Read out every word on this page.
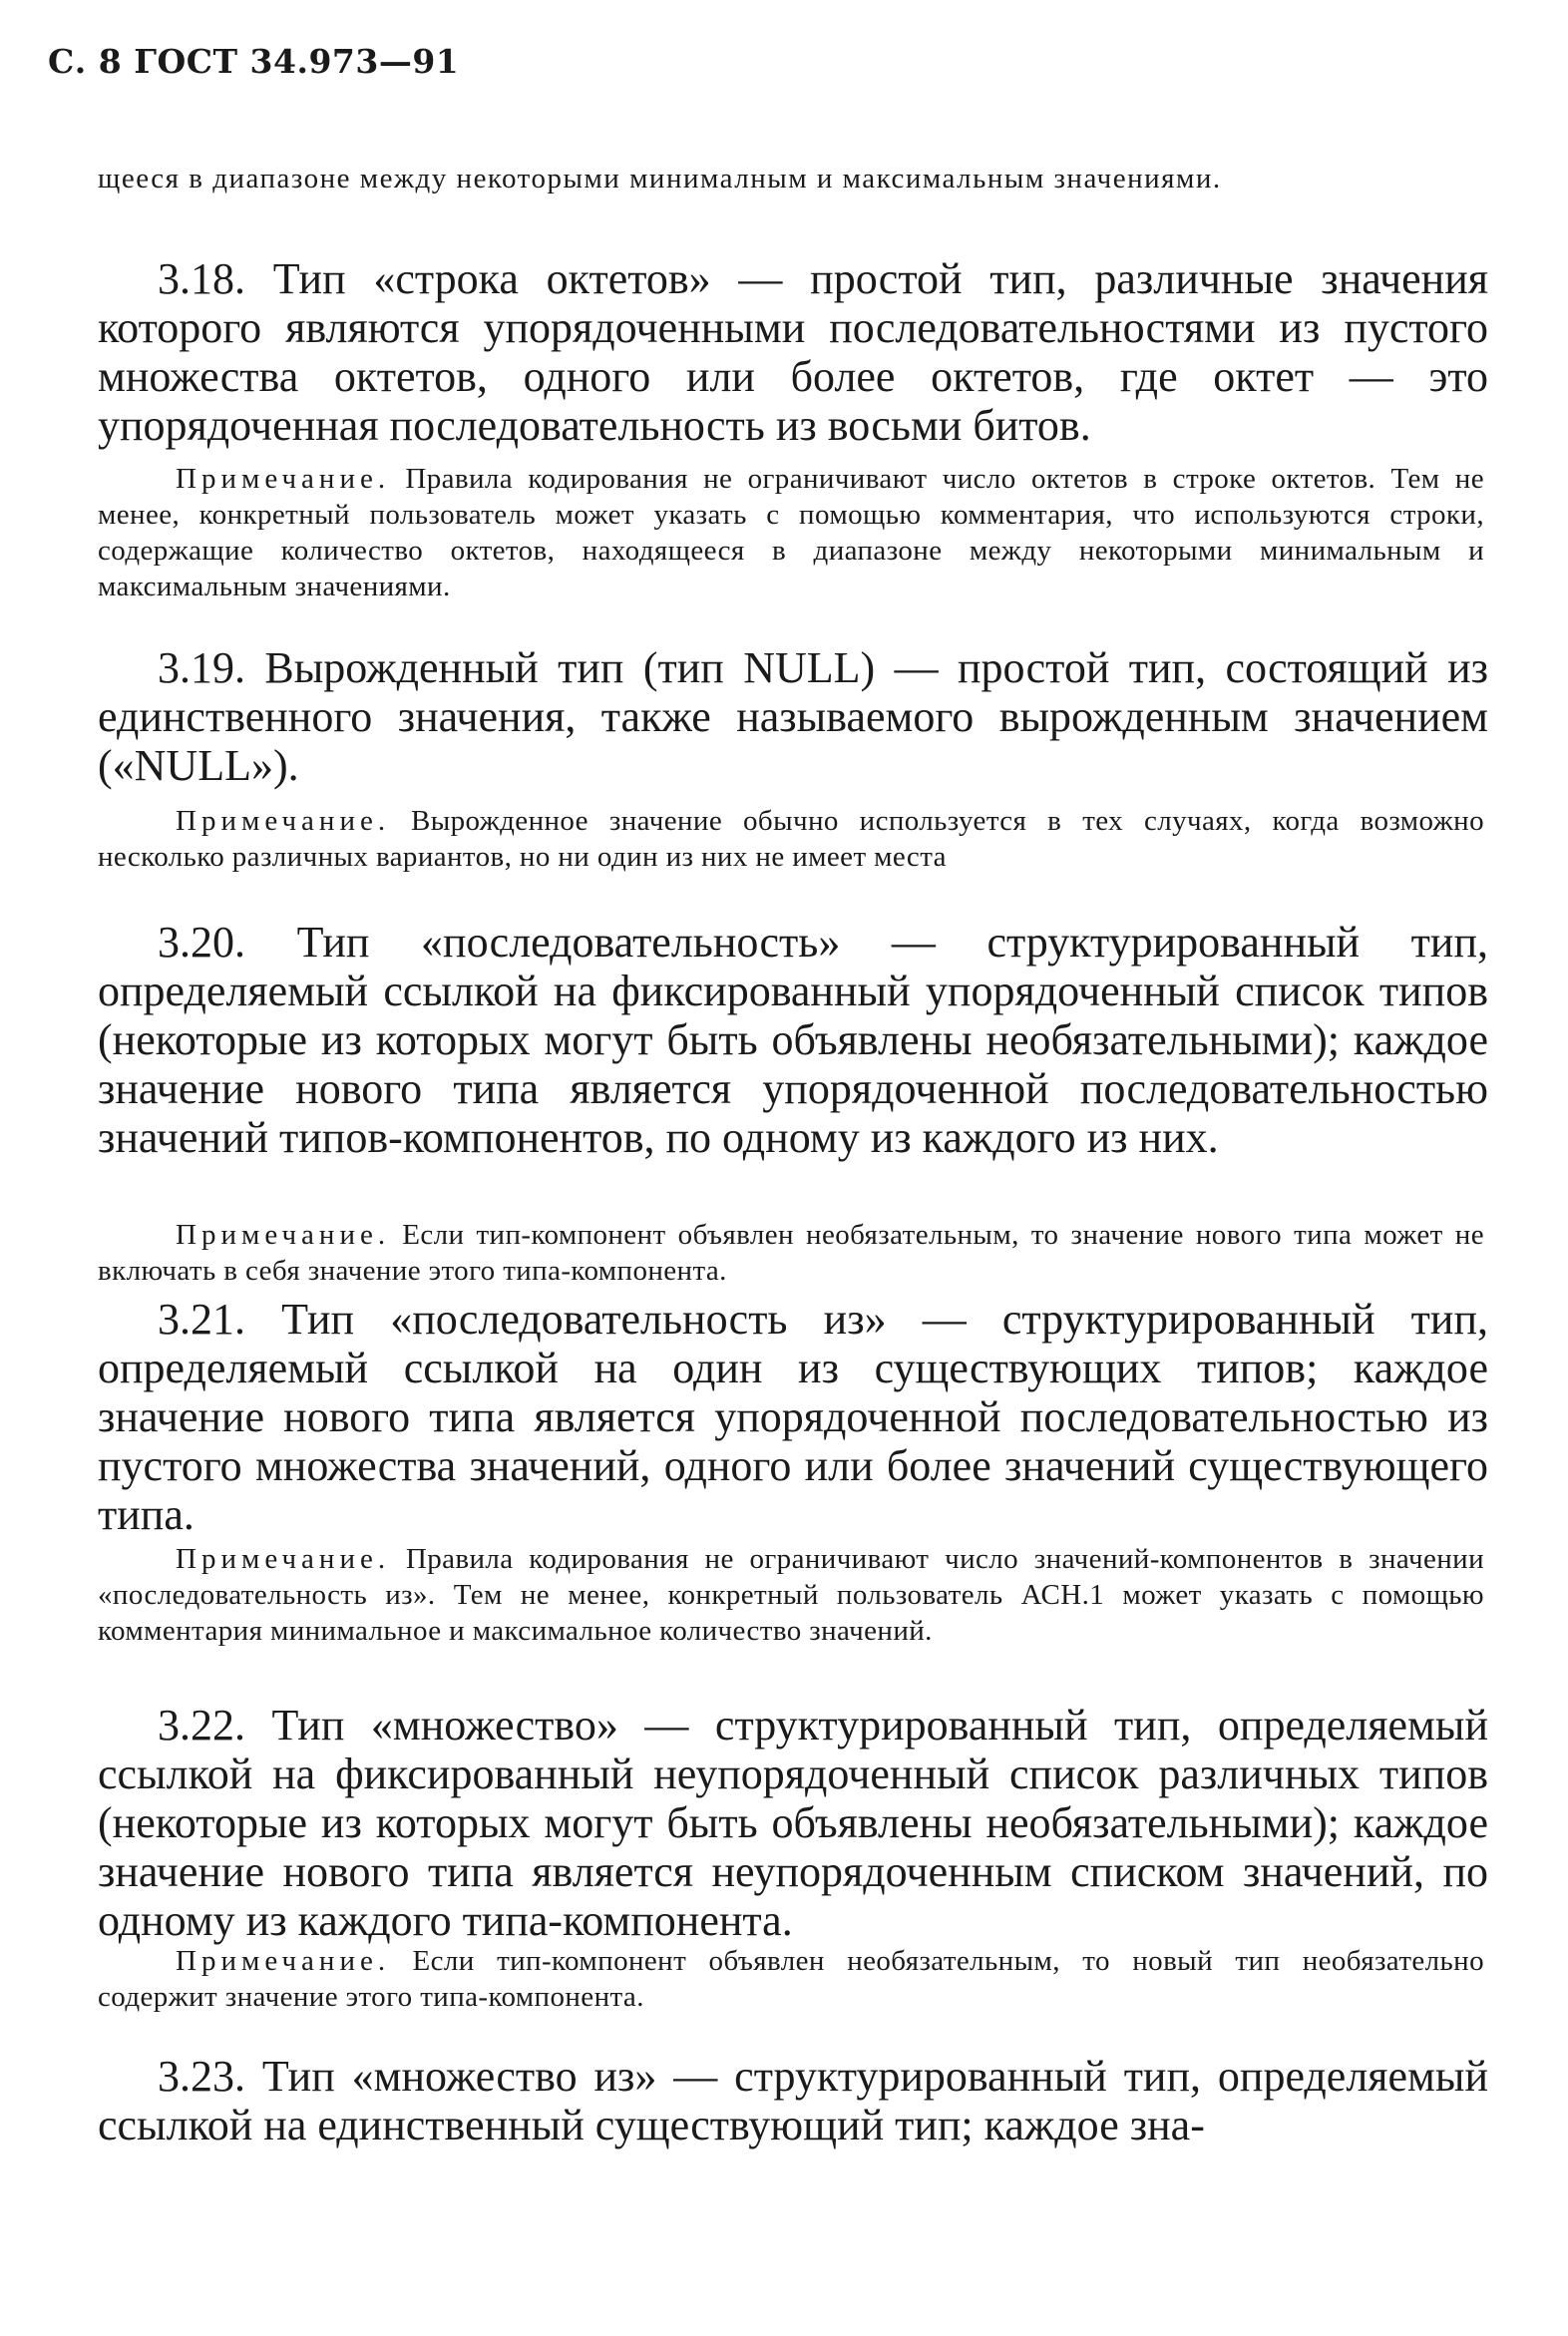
С. 8 ГОСТ 34.973—91
щееся в диапазоне между некоторыми минималным и максимальным значениями.
3.18. Тип «строка октетов» — простой тип, различные значения которого являются упорядоченными последовательностями из пустого множества октетов, одного или более октетов, где октет — это упорядоченная последовательность из восьми битов.
Примечание. Правила кодирования не ограничивают число октетов в строке октетов. Тем не менее, конкретный пользователь может указать с помощью комментария, что используются строки, содержащие количество октетов, находящееся в диапазоне между некоторыми минимальным и максимальным значениями.
3.19. Вырожденный тип (тип NULL) — простой тип, состоящий из единственного значения, также называемого вырожденным значением («NULL»).
Примечание. Вырожденное значение обычно используется в тех случаях, когда возможно несколько различных вариантов, но ни один из них не имеет места
3.20. Тип «последовательность» — структурированный тип, определяемый ссылкой на фиксированный упорядоченный список типов (некоторые из которых могут быть объявлены необязательными); каждое значение нового типа является упорядоченной последовательностью значений типов-компонентов, по одному из каждого из них.
Примечание. Если тип-компонент объявлен необязательным, то значение нового типа может не включать в себя значение этого типа-компонента.
3.21. Тип «последовательность из» — структурированный тип, определяемый ссылкой на один из существующих типов; каждое значение нового типа является упорядоченной последовательностью из пустого множества значений, одного или более значений существующего типа.
Примечание. Правила кодирования не ограничивают число значений-компонентов в значении «последовательность из». Тем не менее, конкретный пользователь АСН.1 может указать с помощью комментария минимальное и максимальное количество значений.
3.22. Тип «множество» — структурированный тип, определяемый ссылкой на фиксированный неупорядоченный список различных типов (некоторые из которых могут быть объявлены необязательными); каждое значение нового типа является неупорядоченным списком значений, по одному из каждого типа-компонента.
Примечание. Если тип-компонент объявлен необязательным, то новый тип необязательно содержит значение этого типа-компонента.
3.23. Тип «множество из» — структурированный тип, определяемый ссылкой на единственный существующий тип; каждое зна-
